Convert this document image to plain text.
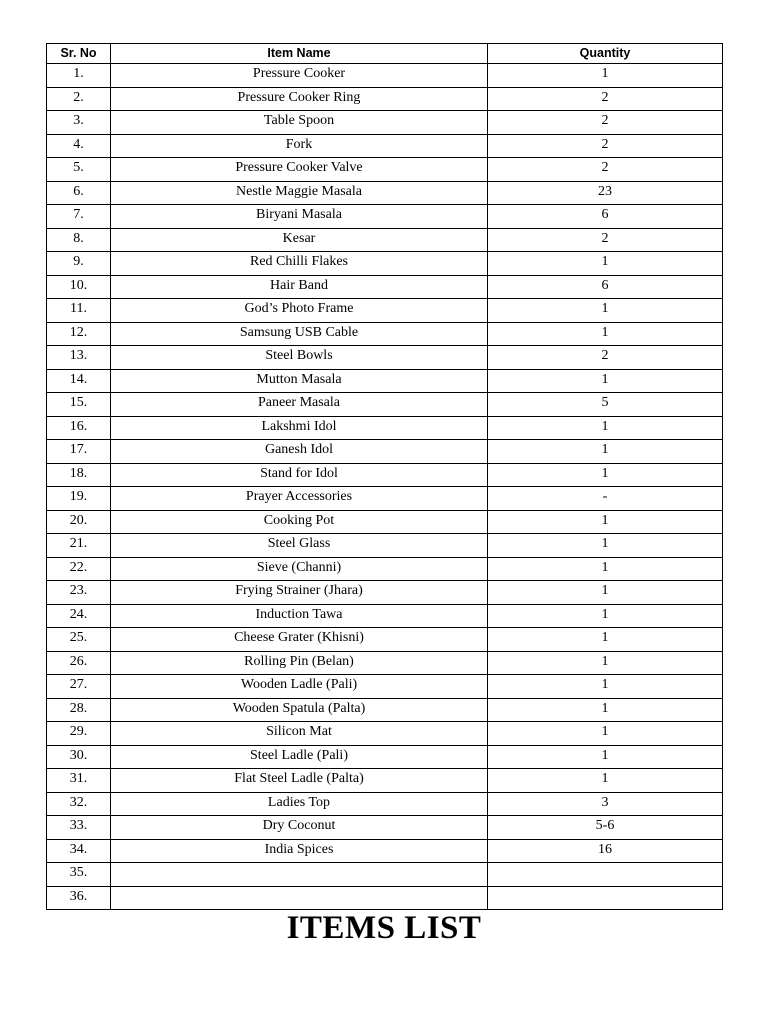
Sr. No	Item Name	Quantity
1.	Pressure Cooker	1
2.	Pressure Cooker Ring	2
3.	Table Spoon	2
4.	Fork	2
5.	Pressure Cooker Valve	2
6.	Nestle Maggie Masala	23
7.	Biryani Masala	6
8.	Kesar	2
9.	Red Chilli Flakes	1
10.	Hair Band	6
11.	God’s Photo Frame	1
12.	Samsung USB Cable	1
13.	Steel Bowls	2
14.	Mutton Masala	1
15.	Paneer Masala	5
16.	Lakshmi Idol	1
17.	Ganesh Idol	1
18.	Stand for Idol	1
19.	Prayer Accessories	-
20.	Cooking Pot	1
21.	Steel Glass	1
22.	Sieve (Channi)	1
23.	Frying Strainer (Jhara)	1
24.	Induction Tawa	1
25.	Cheese Grater (Khisni)	1
26.	Rolling Pin (Belan)	1
27.	Wooden Ladle (Pali)	1
28.	Wooden Spatula (Palta)	1
29.	Silicon Mat	1
30.	Steel Ladle (Pali)	1
31.	Flat Steel Ladle (Palta)	1
32.	Ladies Top	3
33.	Dry Coconut	5-6
34.	India Spices	16
35.		
36.		
ITEMS LIST
